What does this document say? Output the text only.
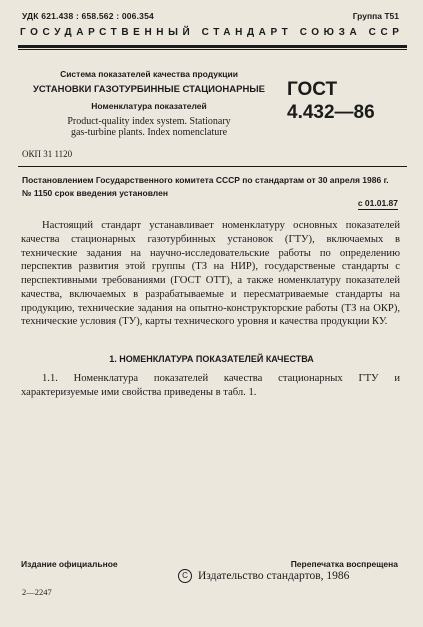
УДК 621.438 : 658.562 : 006.354	Группа Т51
ГОСУДАРСТВЕННЫЙ СТАНДАРТ СОЮЗА ССР
Система показателей качества продукции
УСТАНОВКИ ГАЗОТУРБИННЫЕ СТАЦИОНАРНЫЕ
Номенклатура показателей
Product-quality index system. Stationary
gas-turbine plants. Index nomenclature
ГОСТ
4.432—86
ОКП 31 1120
Постановлением Государственного комитета СССР по стандартам от 30 апреля 1986 г. № 1150 срок введения установлен
с 01.01.87
Настоящий стандарт устанавливает номенклатуру основных показателей качества стационарных газотурбинных установок (ГТУ), включаемых в технические задания на научно-исследовательские работы по определению перспектив развития этой группы (ТЗ на НИР), государственые стандарты с перспективными требованиями (ГОСТ ОТТ), а также номенклатуру показателей качества, включаемых в разрабатываемые и пересматриваемые стандарты на продукцию, технические задания на опытно-конструкторские работы (ТЗ на ОКР), технические условия (ТУ), карты технического уровня и качества продукции КУ.
1. НОМЕНКЛАТУРА ПОКАЗАТЕЛЕЙ КАЧЕСТВА
1.1. Номенклатура показателей качества стационарных ГТУ и характеризуемые ими свойства приведены в табл. 1.
Издание официальное	Перепечатка воспрещена
C Издательство стандартов, 1986
2—2247
